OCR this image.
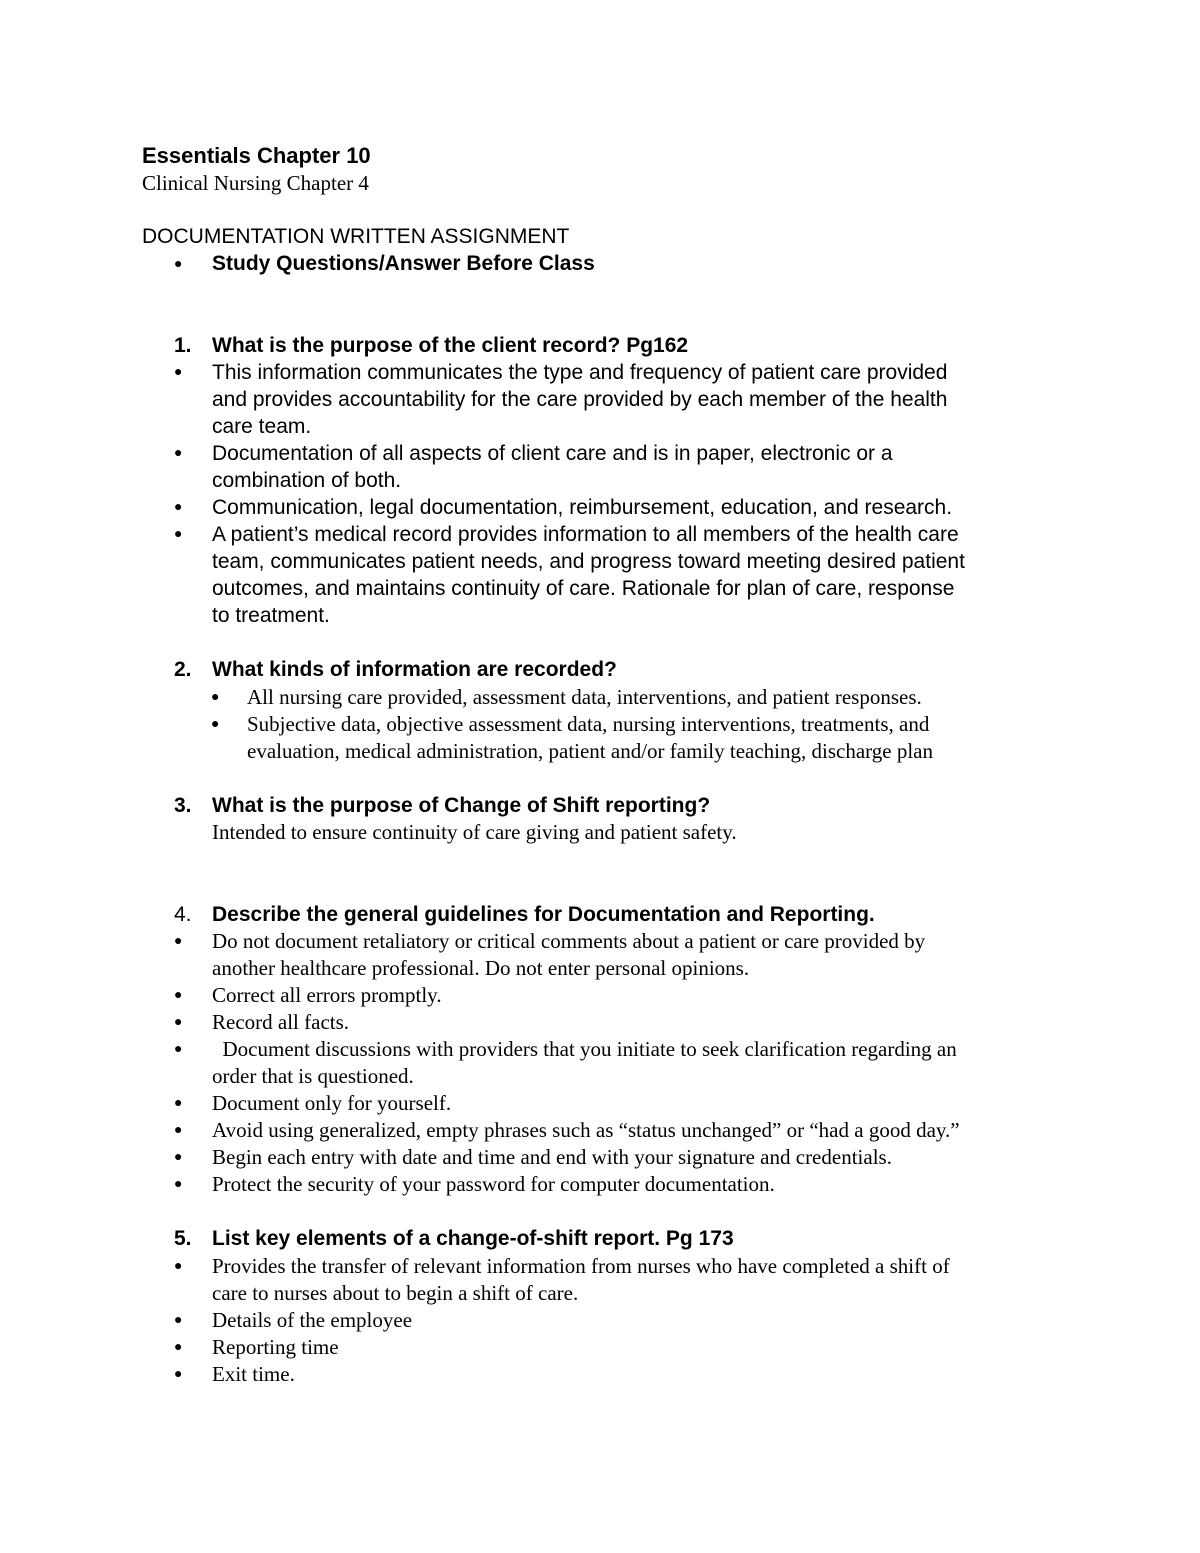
Essentials Chapter 10
Clinical Nursing Chapter 4
DOCUMENTATION WRITTEN ASSIGNMENT
●
Study Questions/Answer Before Class
1. What is the purpose of the client record? Pg162
●
This information communicates the type and frequency of patient care provided
and provides accountability for the care provided by each member of the health
care team.
●
Documentation of all aspects of client care and is in paper, electronic or a
combination of both.
●
Communication, legal documentation, reimbursement, education, and research.
●
A patient’s medical record provides information to all members of the health care
team, communicates patient needs, and progress toward meeting desired patient
outcomes, and maintains continuity of care. Rationale for plan of care, response
to treatment.
2. What kinds of information are recorded?
●
All nursing care provided, assessment data, interventions, and patient responses.
●
Subjective data, objective assessment data, nursing interventions, treatments, and
evaluation, medical administration, patient and/or family teaching, discharge plan
3. What is the purpose of Change of Shift reporting?
Intended to ensure continuity of care giving and patient safety.
4. Describe the general guidelines for Documentation and Reporting.
●
Do not document retaliatory or critical comments about a patient or care provided by
another healthcare professional. Do not enter personal opinions.
●
Correct all errors promptly.
●
Record all facts.
●
Document discussions with providers that you initiate to seek clarification regarding an
order that is questioned.
●
Document only for yourself.
●
Avoid using generalized, empty phrases such as “status unchanged” or “had a good day.”
●
Begin each entry with date and time and end with your signature and credentials.
●
Protect the security of your password for computer documentation.
5. List key elements of a change-of-shift report. Pg 173
●
Provides the transfer of relevant information from nurses who have completed a shift of
care to nurses about to begin a shift of care.
●
Details of the employee
●
Reporting time
●
Exit time.
